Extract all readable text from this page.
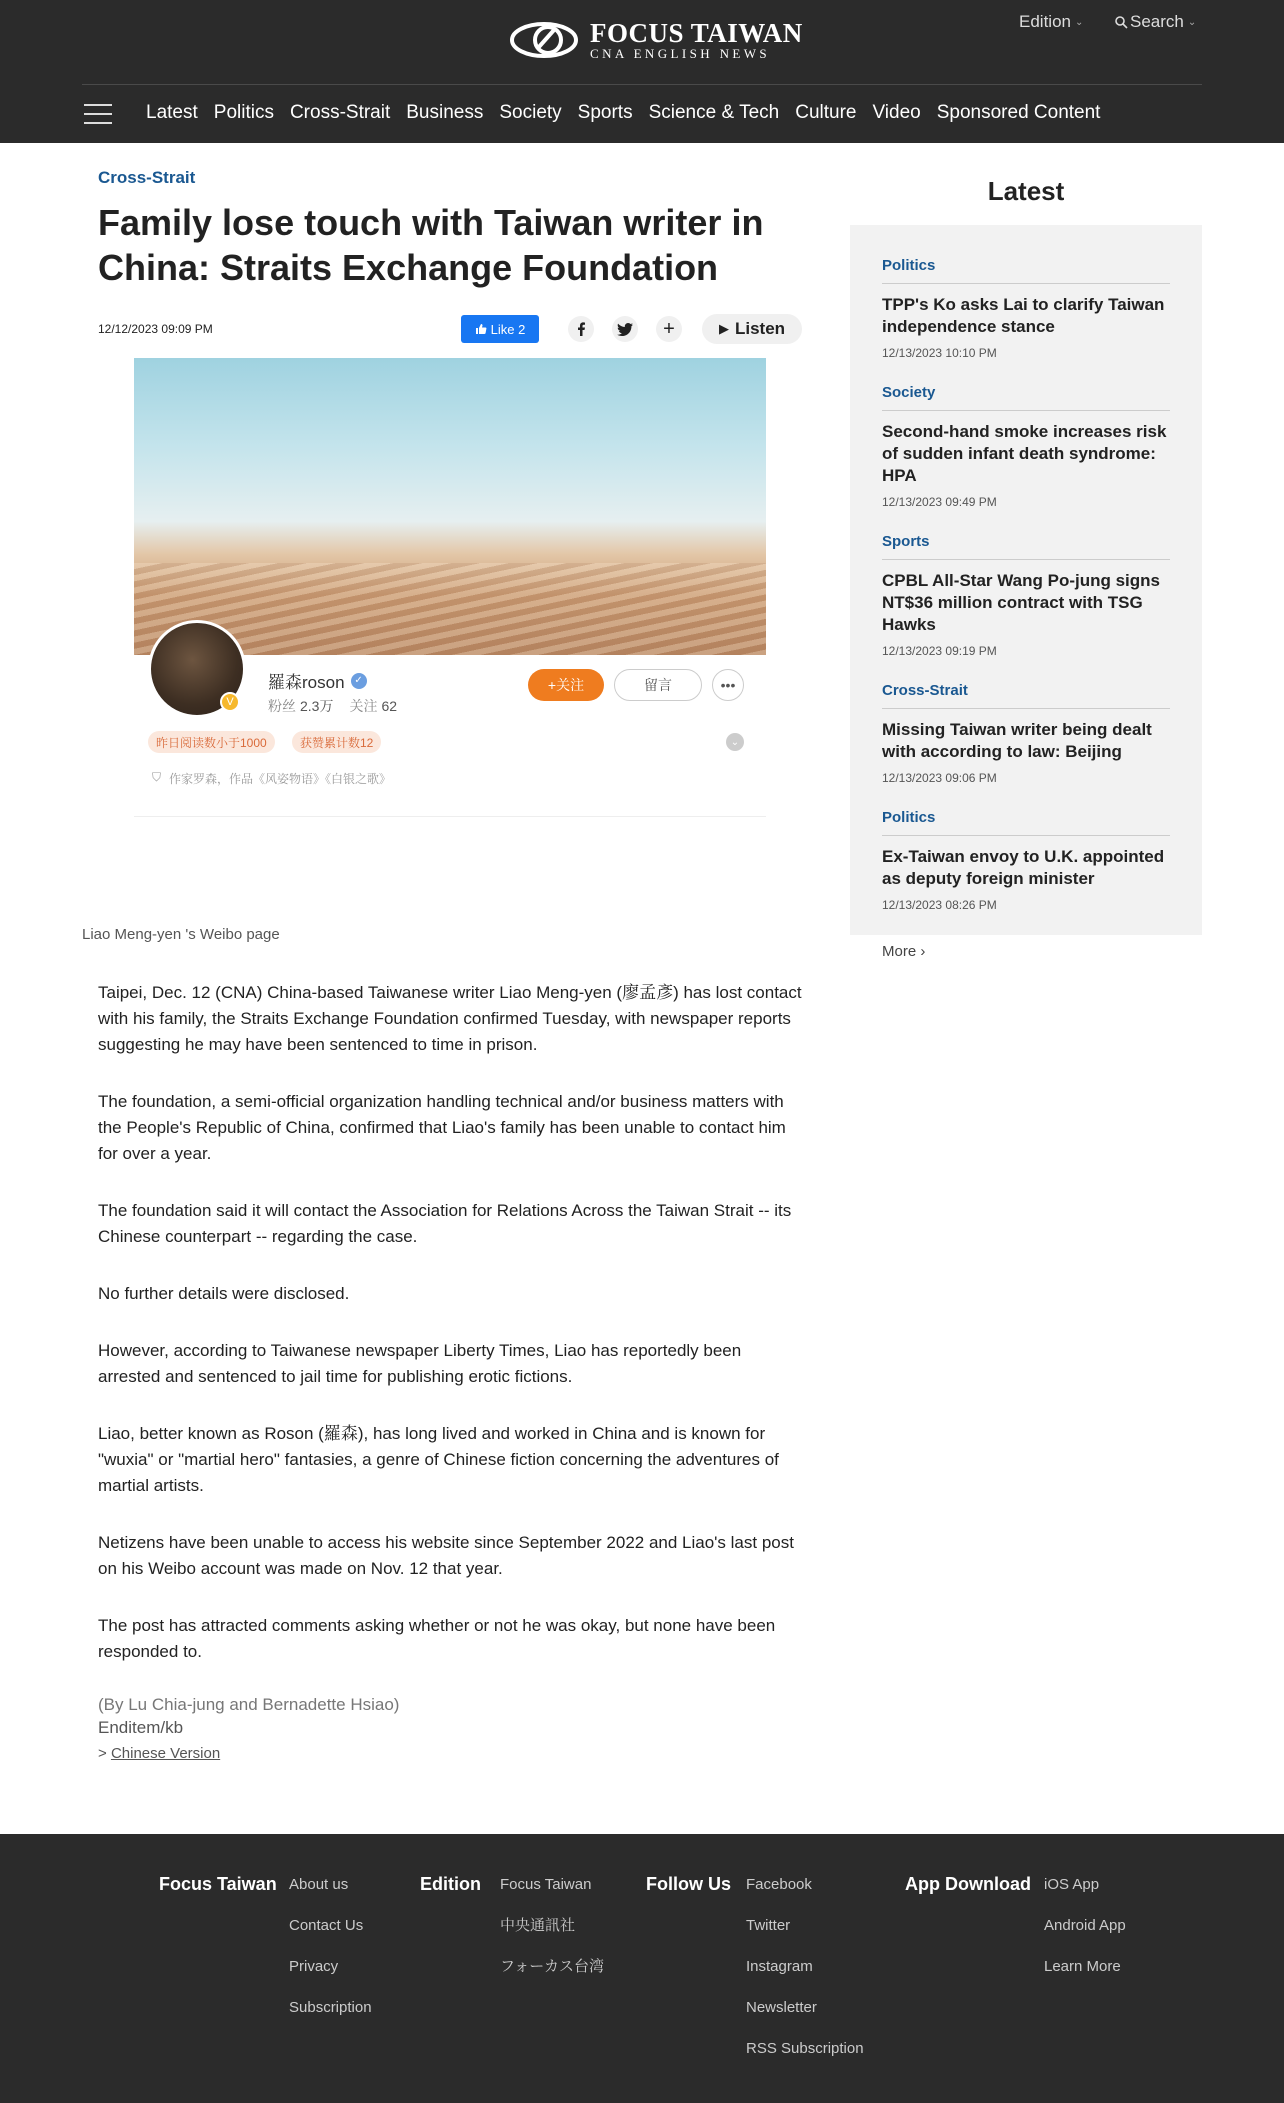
FOCUS TAIWAN
CNA ENGLISH NEWS
Edition ⌄	Search ⌄
Latest Politics Cross-Strait Business Society Sports Science & Tech Culture Video Sponsored Content
Cross-Strait
Family lose touch with Taiwan writer in China: Straits Exchange Foundation
12/12/2023 09:09 PM	Like 2	+	▶ Listen
V
羅森roson ✓
粉丝 2.3万 关注 62
+关注	留言	•••
昨日阅读数小于1000	获赞累计数12	⌄
⛉ 作家罗森，作品《风姿物语》《白银之歌》
Liao Meng-yen 's Weibo page

Taipei, Dec. 12 (CNA) China-based Taiwanese writer Liao Meng-yen (廖孟彥) has lost contact with his family, the Straits Exchange Foundation confirmed Tuesday, with newspaper reports suggesting he may have been sentenced to time in prison.

The foundation, a semi-official organization handling technical and/or business matters with the People's Republic of China, confirmed that Liao's family has been unable to contact him for over a year.

The foundation said it will contact the Association for Relations Across the Taiwan Strait -- its Chinese counterpart -- regarding the case.

No further details were disclosed.

However, according to Taiwanese newspaper Liberty Times, Liao has reportedly been arrested and sentenced to jail time for publishing erotic fictions.

Liao, better known as Roson (羅森), has long lived and worked in China and is known for "wuxia" or "martial hero" fantasies, a genre of Chinese fiction concerning the adventures of martial artists.

Netizens have been unable to access his website since September 2022 and Liao's last post on his Weibo account was made on Nov. 12 that year.

The post has attracted comments asking whether or not he was okay, but none have been responded to.

(By Lu Chia-jung and Bernadette Hsiao)
Enditem/kb
> Chinese Version
Latest
Politics
TPP's Ko asks Lai to clarify Taiwan independence stance
12/13/2023 10:10 PM
Society
Second-hand smoke increases risk of sudden infant death syndrome: HPA
12/13/2023 09:49 PM
Sports
CPBL All-Star Wang Po-jung signs NT$36 million contract with TSG Hawks
12/13/2023 09:19 PM
Cross-Strait
Missing Taiwan writer being dealt with according to law: Beijing
12/13/2023 09:06 PM
Politics
Ex-Taiwan envoy to U.K. appointed as deputy foreign minister
12/13/2023 08:26 PM
More ›
Focus Taiwan About us
Contact Us
Privacy
Subscription
Edition Focus Taiwan
中央通訊社
フォーカス台湾
Follow Us Facebook
Twitter
Instagram
Newsletter
RSS Subscription
App Download iOS App
Android App
Learn More
